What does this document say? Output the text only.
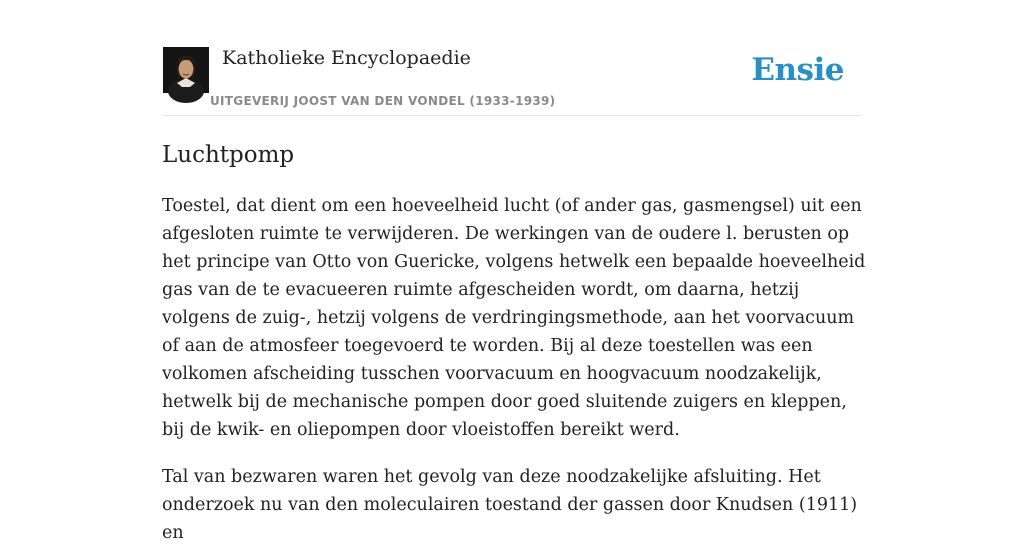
Katholieke Encyclopaedie
UITGEVERIJ JOOST VAN DEN VONDEL (1933-1939)
Ensie
Luchtpomp

Toestel, dat dient om een hoeveelheid lucht (of ander gas, gasmengsel) uit een afgesloten ruimte te verwijderen. De werkingen van de oudere l. berusten op het principe van Otto von Guericke, volgens hetwelk een bepaalde hoeveelheid gas van de te evacueeren ruimte afgescheiden wordt, om daarna, hetzij volgens de zuig-, hetzij volgens de verdringingsmethode, aan het voorvacuum of aan de atmosfeer toegevoerd te worden. Bij al deze toestellen was een volkomen afscheiding tusschen voorvacuum en hoogvacuum noodzakelijk, hetwelk bij de mechanische pompen door goed sluitende zuigers en kleppen, bij de kwik- en oliepompen door vloeistoffen bereikt werd.

Tal van bezwaren waren het gevolg van deze noodzakelijke afsluiting. Het onderzoek nu van den moleculairen toestand der gassen door Knudsen (1911) en
